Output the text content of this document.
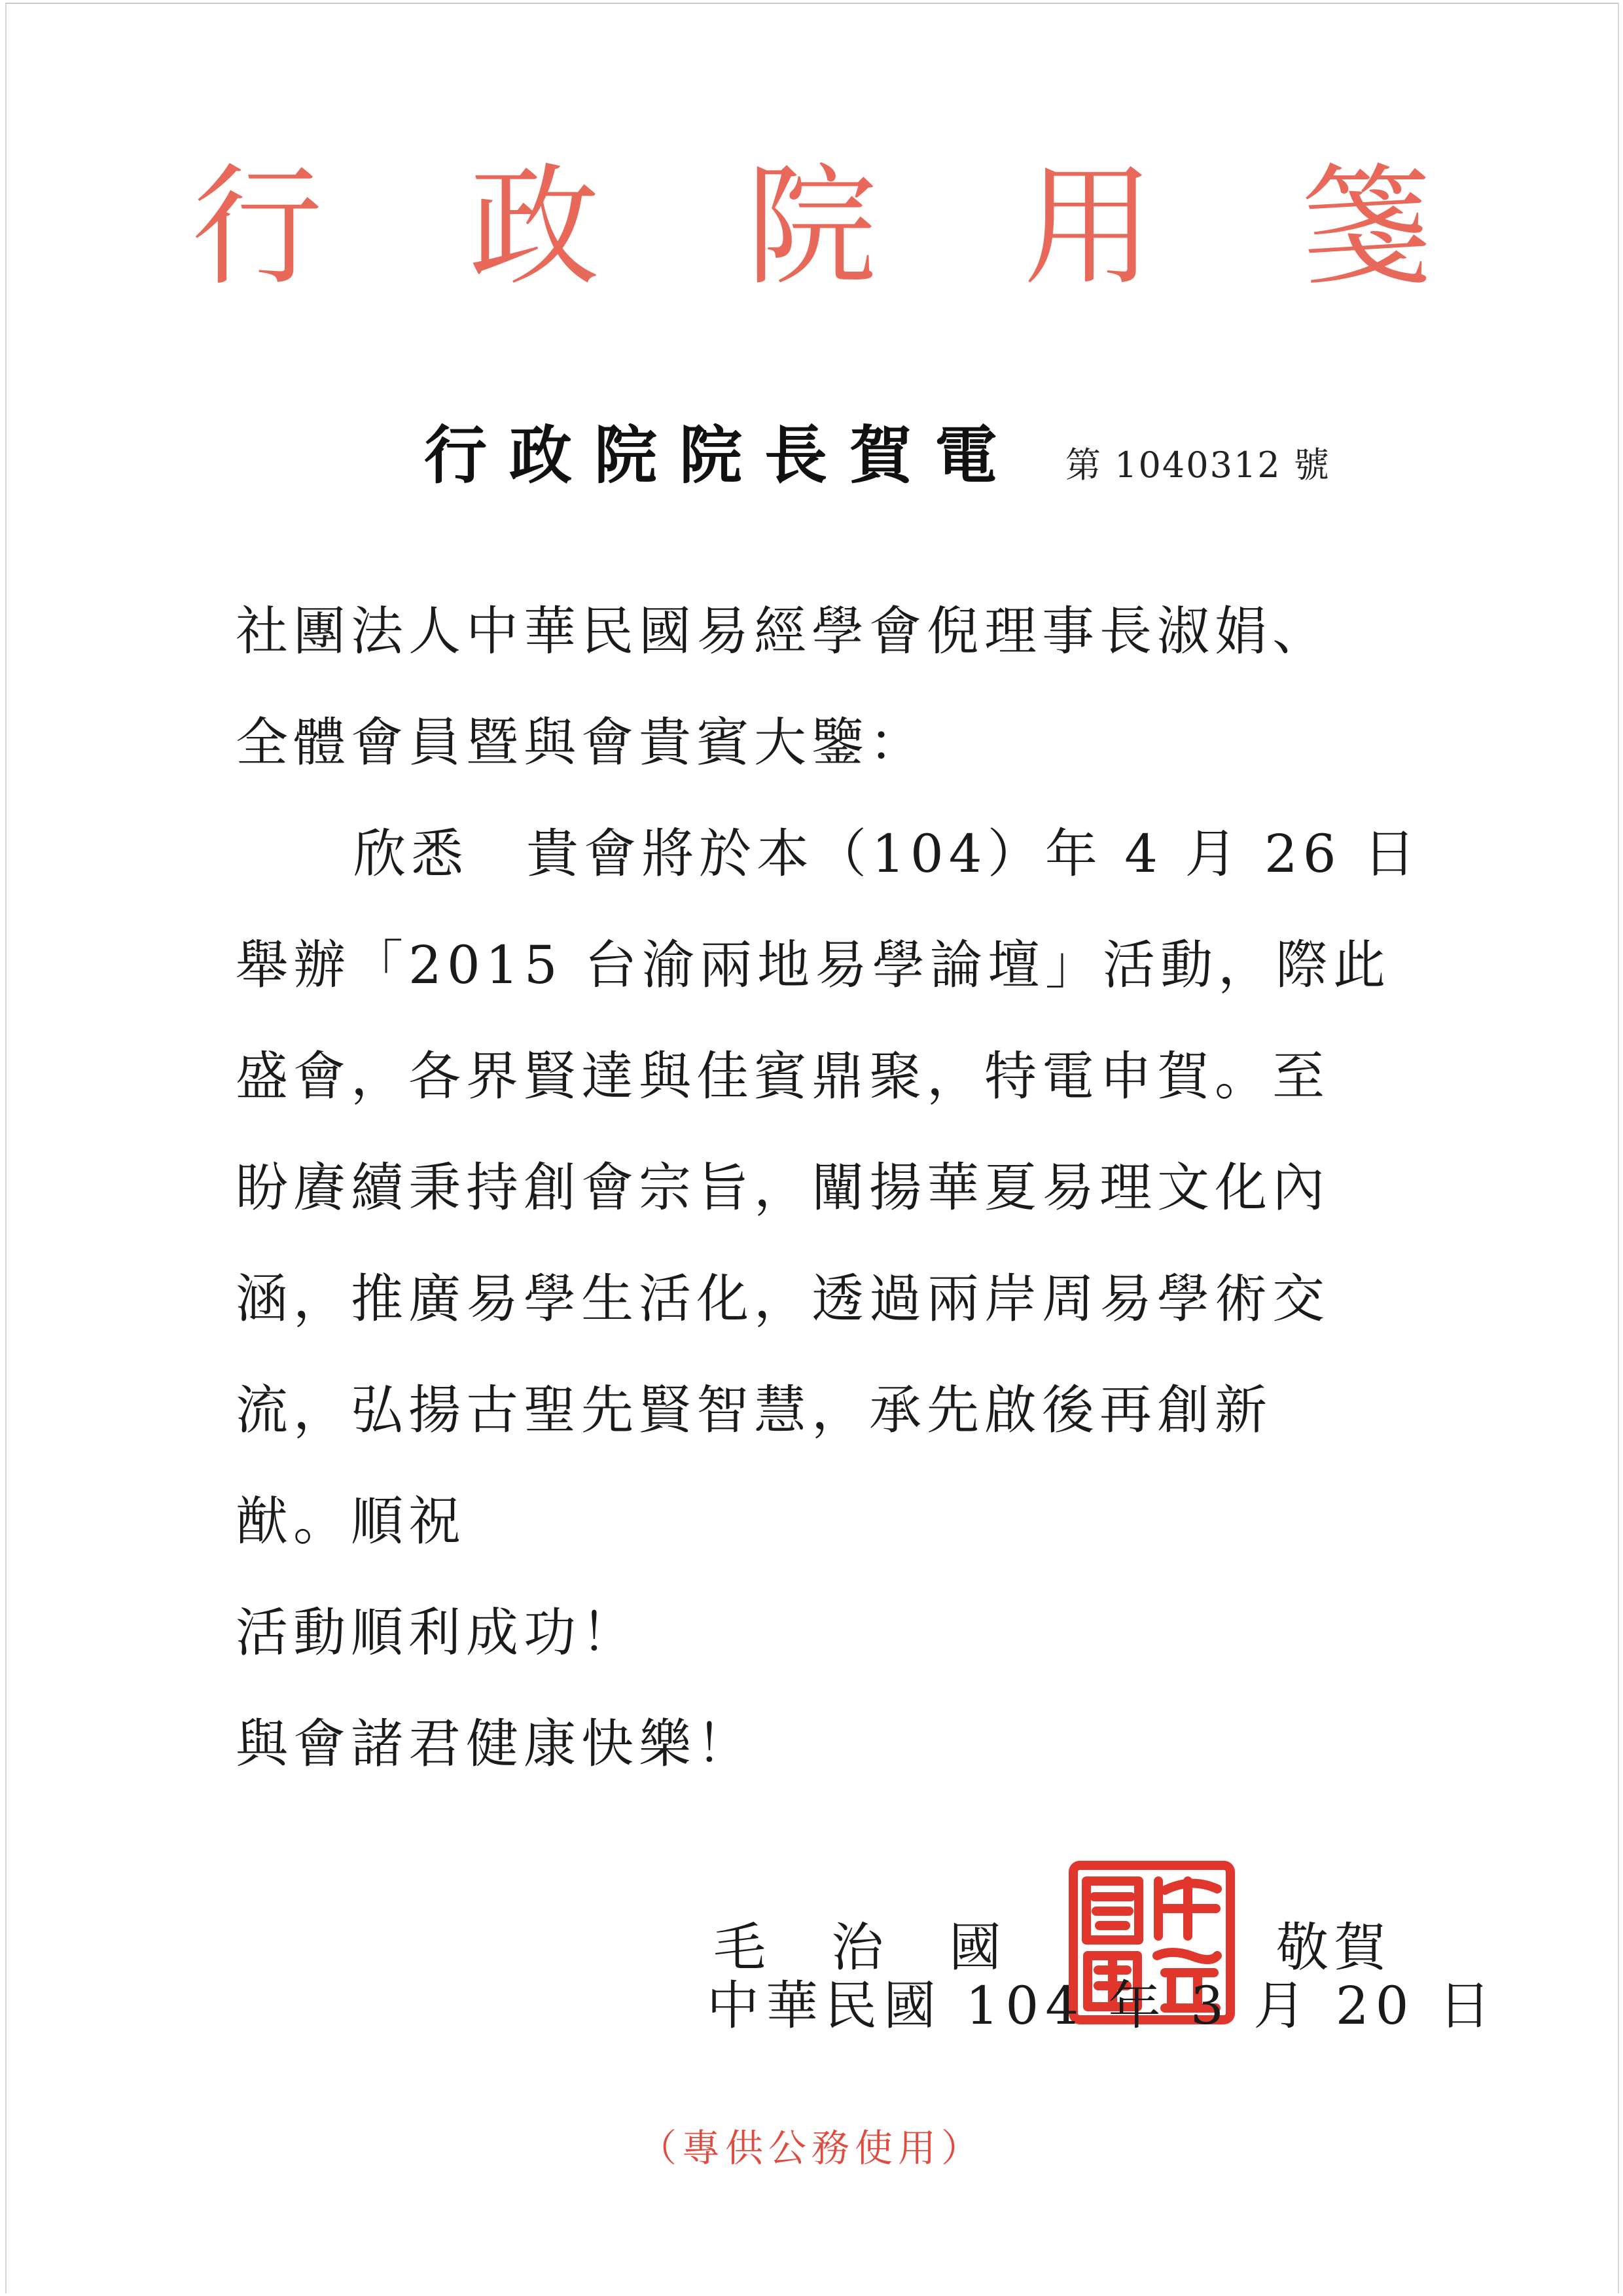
行 政 院 用 箋
行政院院長賀電 第 1040312 號

社團法人中華民國易經學會倪理事長淑娟、

全體會員暨與會貴賓大鑒：

欣悉　貴會將於本（104）年 4 月 26 日

舉辦「2015 台渝兩地易學論壇」活動，際此

盛會，各界賢達與佳賓鼎聚，特電申賀。至

盼賡續秉持創會宗旨，闡揚華夏易理文化內

涵，推廣易學生活化，透過兩岸周易學術交

流，弘揚古聖先賢智慧，承先啟後再創新

猷。順祝

活動順利成功！

與會諸君健康快樂！

毛治國	敬賀
中華民國 104 年 3 月 20 日
（專供公務使用）
